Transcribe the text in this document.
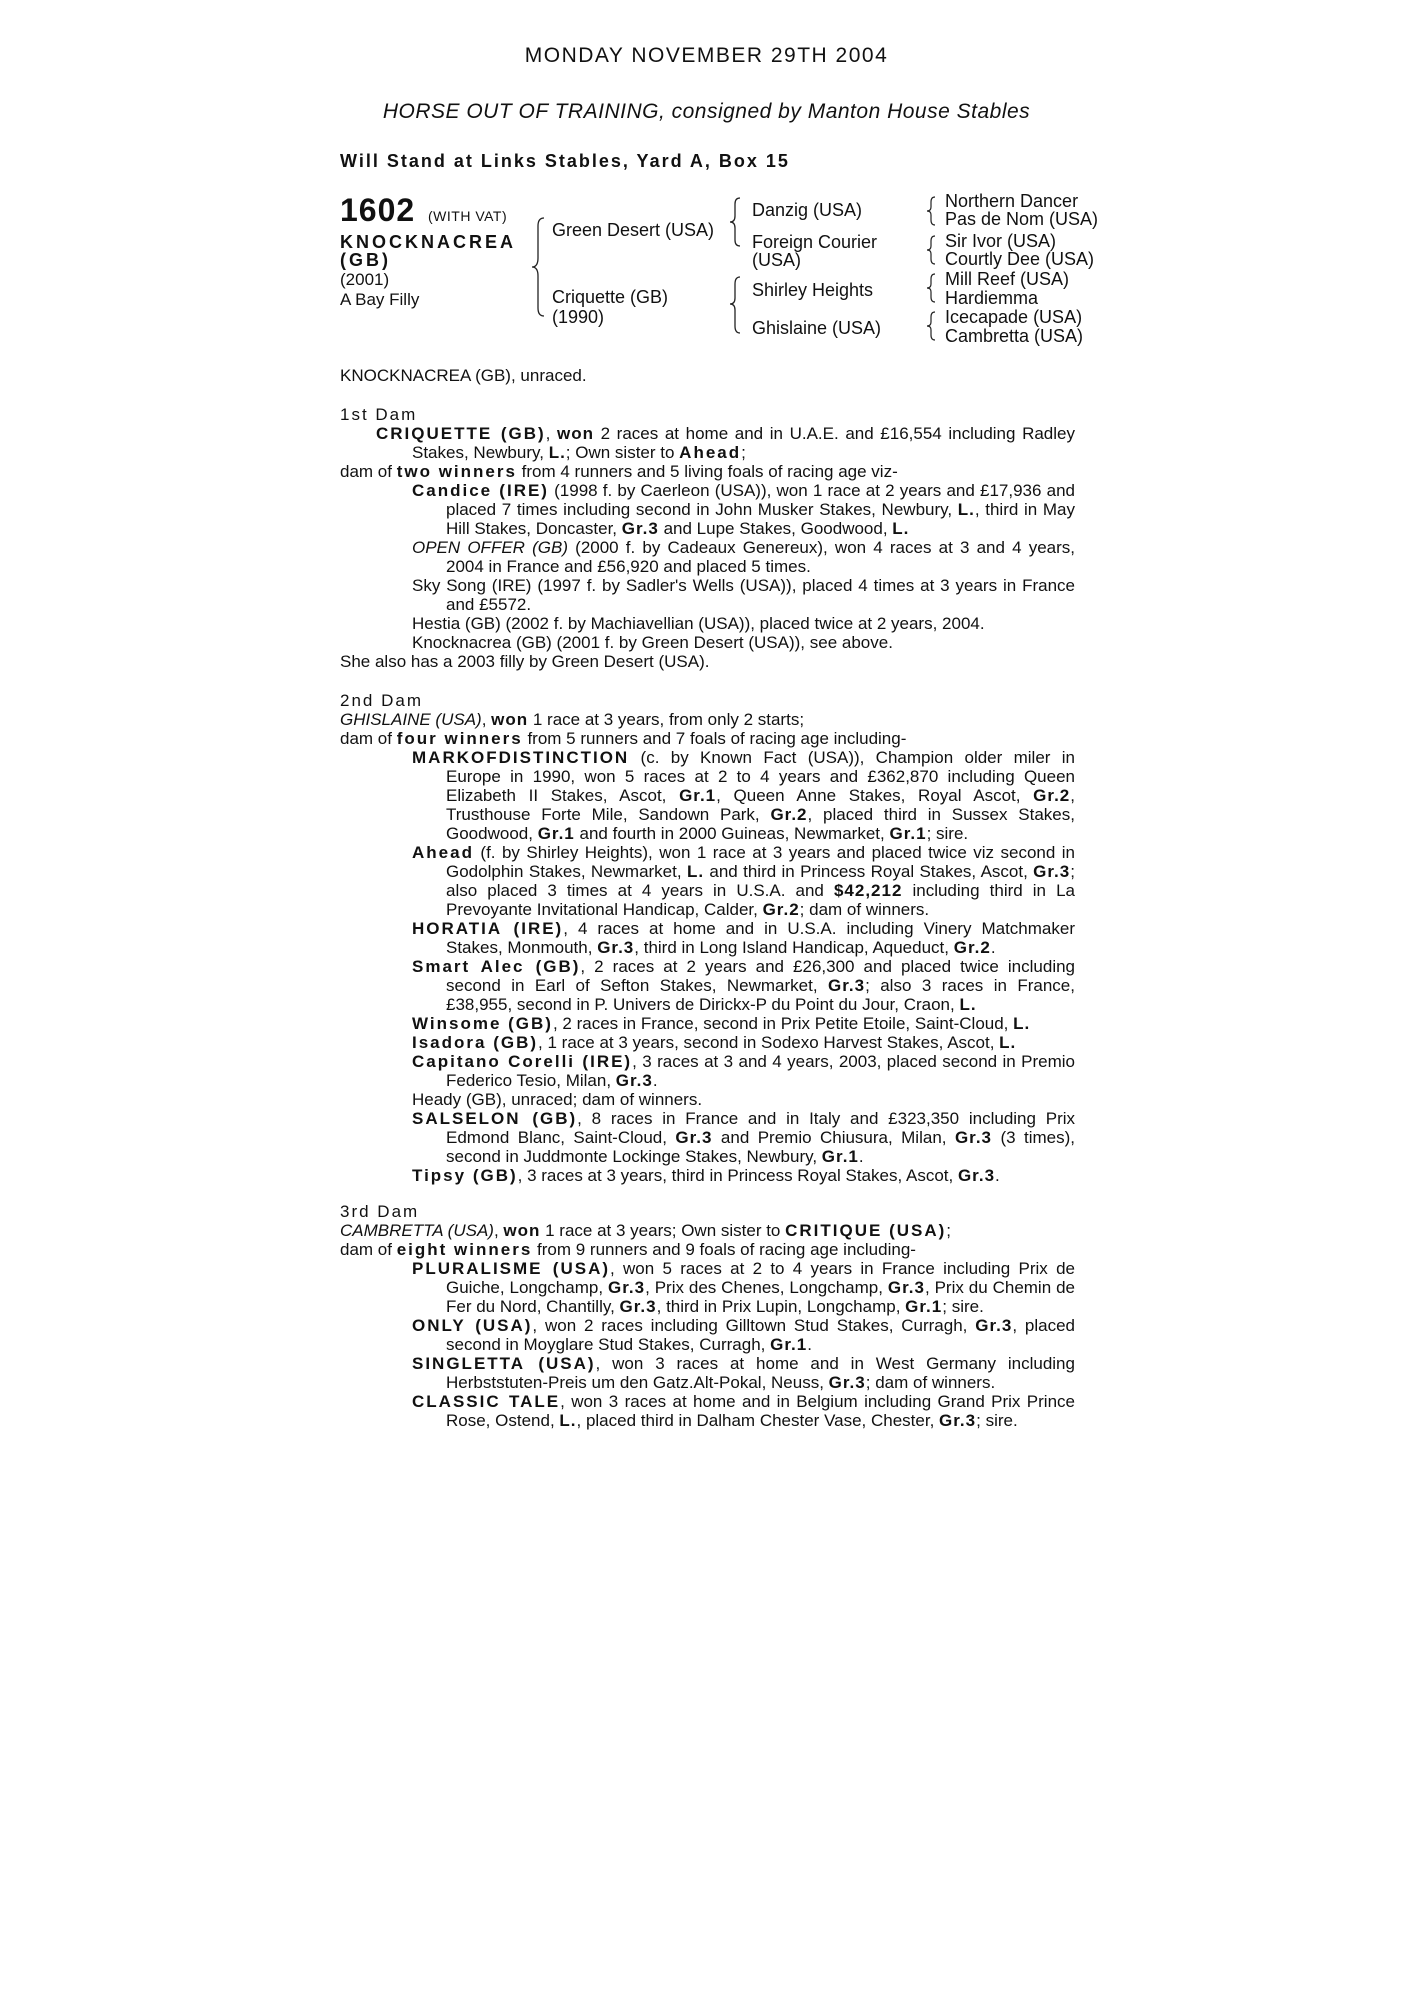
MONDAY NOVEMBER 29TH 2004
HORSE OUT OF TRAINING, consigned by Manton House Stables
Will Stand at Links Stables, Yard A, Box 15
1602 (WITH VAT)
KNOCKNACREA
(GB)
(2001)
A Bay Filly
Green Desert (USA)
Criquette (GB)
(1990)
Danzig (USA)
Foreign Courier
(USA)
Shirley Heights
Ghislaine (USA)
Northern Dancer
Pas de Nom (USA)
Sir Ivor (USA)
Courtly Dee (USA)
Mill Reef (USA)
Hardiemma
Icecapade (USA)
Cambretta (USA)
KNOCKNACREA (GB), unraced.

1st Dam

CRIQUETTE (GB), won 2 races at home and in U.A.E. and £16,554 including Radley Stakes, Newbury, L.; Own sister to Ahead;

dam of two winners from 4 runners and 5 living foals of racing age viz-

Candice (IRE) (1998 f. by Caerleon (USA)), won 1 race at 2 years and £17,936 and placed 7 times including second in John Musker Stakes, Newbury, L., third in May Hill Stakes, Doncaster, Gr.3 and Lupe Stakes, Goodwood, L.

OPEN OFFER (GB) (2000 f. by Cadeaux Genereux), won 4 races at 3 and 4 years, 2004 in France and £56,920 and placed 5 times.

Sky Song (IRE) (1997 f. by Sadler's Wells (USA)), placed 4 times at 3 years in France and £5572.

Hestia (GB) (2002 f. by Machiavellian (USA)), placed twice at 2 years, 2004.

Knocknacrea (GB) (2001 f. by Green Desert (USA)), see above.

She also has a 2003 filly by Green Desert (USA).

2nd Dam

GHISLAINE (USA), won 1 race at 3 years, from only 2 starts;

dam of four winners from 5 runners and 7 foals of racing age including-

MARKOFDISTINCTION (c. by Known Fact (USA)), Champion older miler in Europe in 1990, won 5 races at 2 to 4 years and £362,870 including Queen Elizabeth II Stakes, Ascot, Gr.1, Queen Anne Stakes, Royal Ascot, Gr.2, Trusthouse Forte Mile, Sandown Park, Gr.2, placed third in Sussex Stakes, Goodwood, Gr.1 and fourth in 2000 Guineas, Newmarket, Gr.1; sire.

Ahead (f. by Shirley Heights), won 1 race at 3 years and placed twice viz second in Godolphin Stakes, Newmarket, L. and third in Princess Royal Stakes, Ascot, Gr.3; also placed 3 times at 4 years in U.S.A. and $42,212 including third in La Prevoyante Invitational Handicap, Calder, Gr.2; dam of winners.

HORATIA (IRE), 4 races at home and in U.S.A. including Vinery Matchmaker Stakes, Monmouth, Gr.3, third in Long Island Handicap, Aqueduct, Gr.2.

Smart Alec (GB), 2 races at 2 years and £26,300 and placed twice including second in Earl of Sefton Stakes, Newmarket, Gr.3; also 3 races in France, £38,955, second in P. Univers de Dirickx-P du Point du Jour, Craon, L.

Winsome (GB), 2 races in France, second in Prix Petite Etoile, Saint-Cloud, L.

Isadora (GB), 1 race at 3 years, second in Sodexo Harvest Stakes, Ascot, L.

Capitano Corelli (IRE), 3 races at 3 and 4 years, 2003, placed second in Premio Federico Tesio, Milan, Gr.3.

Heady (GB), unraced; dam of winners.

SALSELON (GB), 8 races in France and in Italy and £323,350 including Prix Edmond Blanc, Saint-Cloud, Gr.3 and Premio Chiusura, Milan, Gr.3 (3 times), second in Juddmonte Lockinge Stakes, Newbury, Gr.1.

Tipsy (GB), 3 races at 3 years, third in Princess Royal Stakes, Ascot, Gr.3.

3rd Dam

CAMBRETTA (USA), won 1 race at 3 years; Own sister to CRITIQUE (USA);

dam of eight winners from 9 runners and 9 foals of racing age including-

PLURALISME (USA), won 5 races at 2 to 4 years in France including Prix de Guiche, Longchamp, Gr.3, Prix des Chenes, Longchamp, Gr.3, Prix du Chemin de Fer du Nord, Chantilly, Gr.3, third in Prix Lupin, Longchamp, Gr.1; sire.

ONLY (USA), won 2 races including Gilltown Stud Stakes, Curragh, Gr.3, placed second in Moyglare Stud Stakes, Curragh, Gr.1.

SINGLETTA (USA), won 3 races at home and in West Germany including Herbststuten-Preis um den Gatz.Alt-Pokal, Neuss, Gr.3; dam of winners.

CLASSIC TALE, won 3 races at home and in Belgium including Grand Prix Prince Rose, Ostend, L., placed third in Dalham Chester Vase, Chester, Gr.3; sire.
